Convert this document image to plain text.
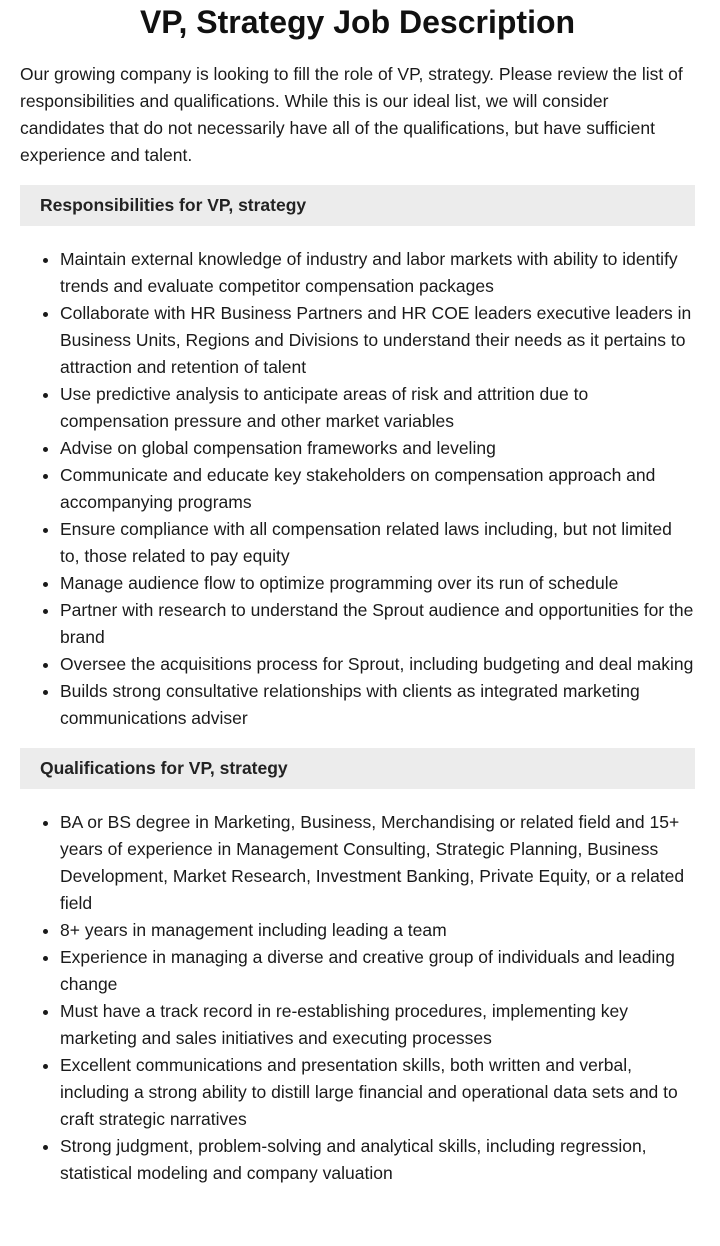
VP, Strategy Job Description

Our growing company is looking to fill the role of VP, strategy. Please review the list of responsibilities and qualifications. While this is our ideal list, we will consider candidates that do not necessarily have all of the qualifications, but have sufficient experience and talent.

Responsibilities for VP, strategy
• Maintain external knowledge of industry and labor markets with ability to identify trends and evaluate competitor compensation packages
• Collaborate with HR Business Partners and HR COE leaders executive leaders in Business Units, Regions and Divisions to understand their needs as it pertains to attraction and retention of talent
• Use predictive analysis to anticipate areas of risk and attrition due to compensation pressure and other market variables
• Advise on global compensation frameworks and leveling
• Communicate and educate key stakeholders on compensation approach and accompanying programs
• Ensure compliance with all compensation related laws including, but not limited to, those related to pay equity
• Manage audience flow to optimize programming over its run of schedule
• Partner with research to understand the Sprout audience and opportunities for the brand
• Oversee the acquisitions process for Sprout, including budgeting and deal making
• Builds strong consultative relationships with clients as integrated marketing communications adviser
Qualifications for VP, strategy
• BA or BS degree in Marketing, Business, Merchandising or related field and 15+ years of experience in Management Consulting, Strategic Planning, Business Development, Market Research, Investment Banking, Private Equity, or a related field
• 8+ years in management including leading a team
• Experience in managing a diverse and creative group of individuals and leading change
• Must have a track record in re-establishing procedures, implementing key marketing and sales initiatives and executing processes
• Excellent communications and presentation skills, both written and verbal, including a strong ability to distill large financial and operational data sets and to craft strategic narratives
• Strong judgment, problem-solving and analytical skills, including regression, statistical modeling and company valuation
